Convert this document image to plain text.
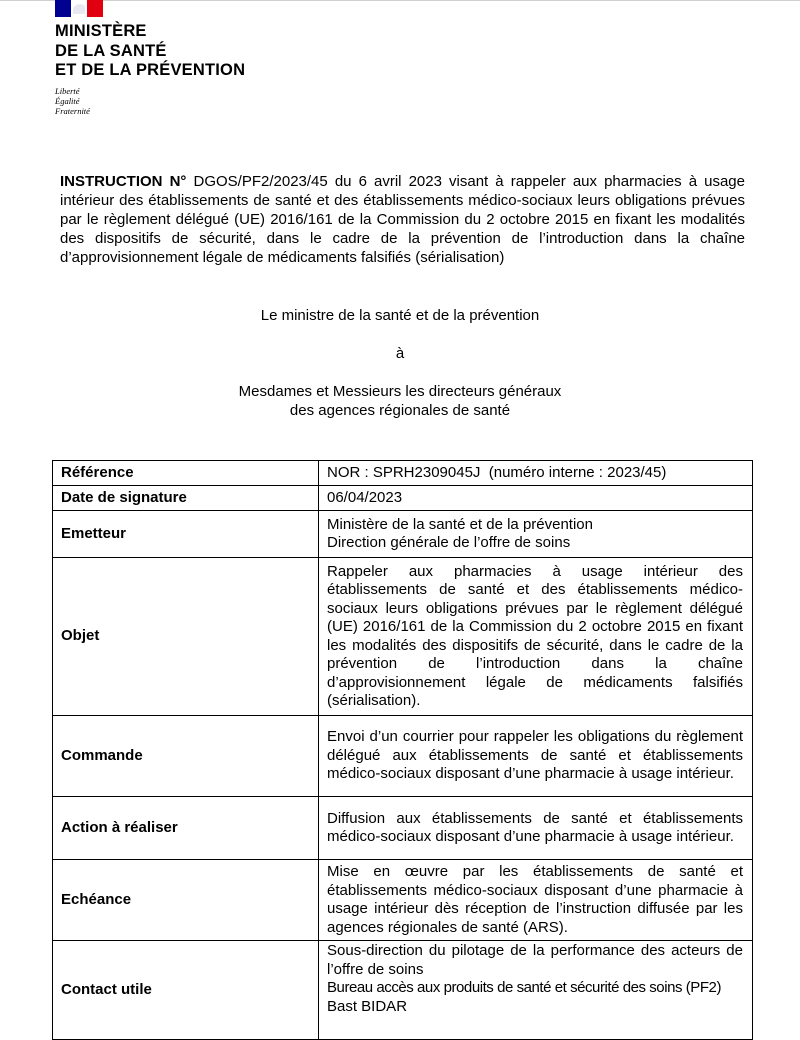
MINISTÈRE
DE LA SANTÉ
ET DE LA PRÉVENTION
Liberté
Égalité
Fraternité
INSTRUCTION N° DGOS/PF2/2023/45 du 6 avril 2023 visant à rappeler aux pharmacies à usage intérieur des établissements de santé et des établissements médico-sociaux leurs obligations prévues par le règlement délégué (UE) 2016/161 de la Commission du 2 octobre 2015 en fixant les modalités des dispositifs de sécurité, dans le cadre de la prévention de l’introduction dans la chaîne d’approvisionnement légale de médicaments falsifiés (sérialisation)
Le ministre de la santé et de la prévention
à
Mesdames et Messieurs les directeurs généraux
des agences régionales de santé
Référence	NOR : SPRH2309045J  (numéro interne : 2023/45)

Date de signature	06/04/2023

Emetteur	Ministère de la santé et de la prévention
Direction générale de l’offre de soins

Objet	Rappeler aux pharmacies à usage intérieur des établissements de santé et des établissements médico-sociaux leurs obligations prévues par le règlement délégué (UE) 2016/161 de la Commission du 2 octobre 2015 en fixant les modalités des dispositifs de sécurité, dans le cadre de la prévention de l’introduction dans la chaîne d’approvisionnement légale de médicaments falsifiés (sérialisation).
Commande	Envoi d’un courrier pour rappeler les obligations du règlement délégué aux établissements de santé et établissements médico-sociaux disposant d’une pharmacie à usage intérieur.
Action à réaliser	Diffusion aux établissements de santé et établissements médico-sociaux disposant d’une pharmacie à usage intérieur.
Echéance	Mise en œuvre par les établissements de santé et établissements médico-sociaux disposant d’une pharmacie à usage intérieur dès réception de l’instruction diffusée par les agences régionales de santé (ARS).
Contact utile	Sous-direction du pilotage de la performance des acteurs de l’offre de soins
Bureau accès aux produits de santé et sécurité des soins (PF2)
Bast BIDAR
